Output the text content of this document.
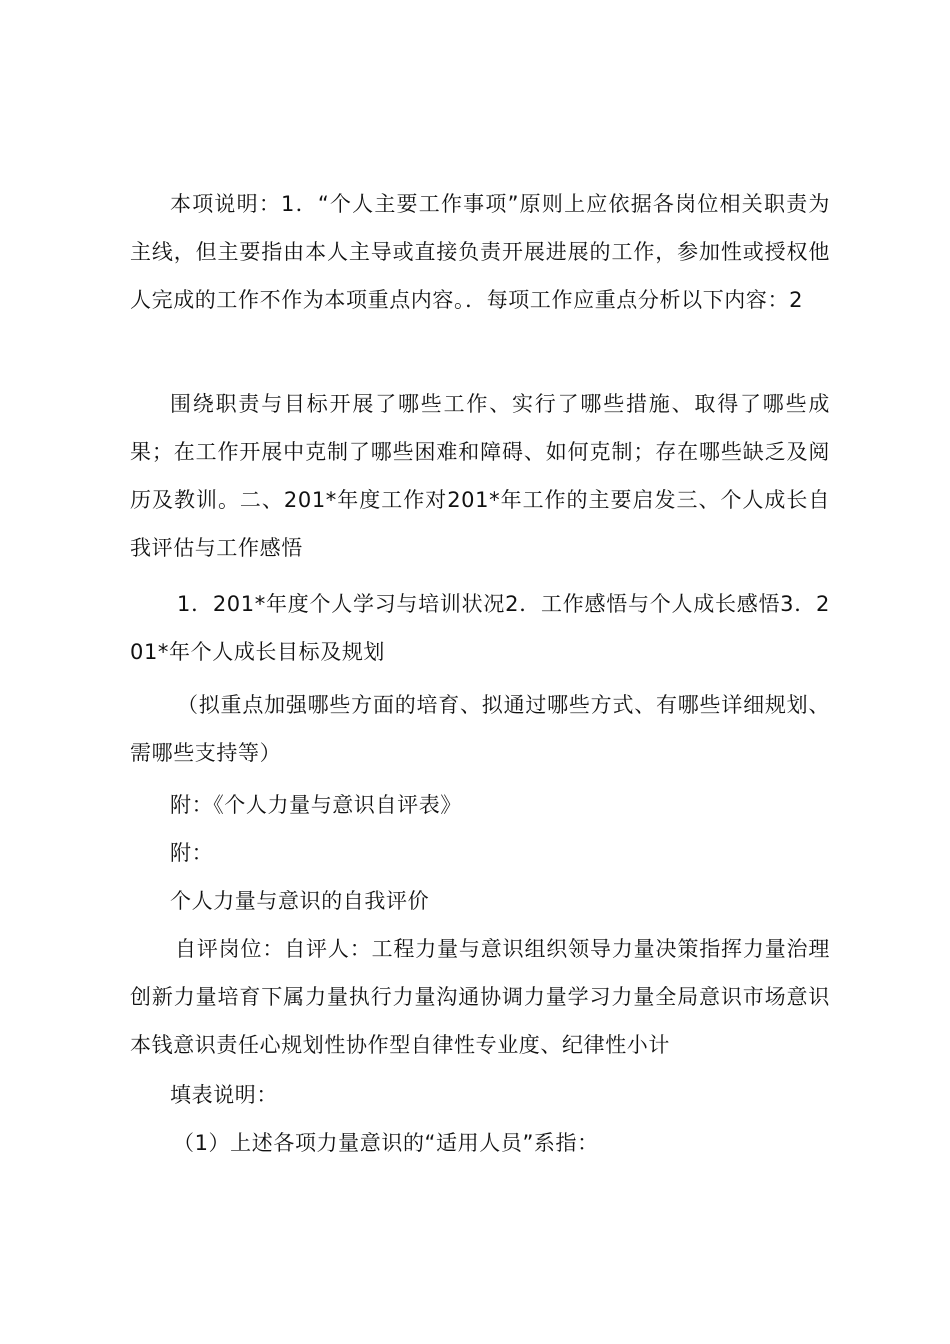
本项说明：1．“个人主要工作事项”原则上应依据各岗位相关职责为主线，但主要指由本人主导或直接负责开展进展的工作，参加性或授权他人完成的工作不作为本项重点内容。．每项工作应重点分析以下内容：2

围绕职责与目标开展了哪些工作、实行了哪些措施、取得了哪些成果；在工作开展中克制了哪些困难和障碍、如何克制；存在哪些缺乏及阅历及教训。二、201*年度工作对201*年工作的主要启发三、个人成长自我评估与工作感悟

1．201*年度个人学习与培训状况2．工作感悟与个人成长感悟3．201*年个人成长目标及规划

（拟重点加强哪些方面的培育、拟通过哪些方式、有哪些详细规划、需哪些支持等）

附：《个人力量与意识自评表》

附：

个人力量与意识的自我评价

自评岗位：自评人：工程力量与意识组织领导力量决策指挥力量治理创新力量培育下属力量执行力量沟通协调力量学习力量全局意识市场意识本钱意识责任心规划性协作型自律性专业度、纪律性小计

填表说明：

（1）上述各项力量意识的“适用人员”系指：
